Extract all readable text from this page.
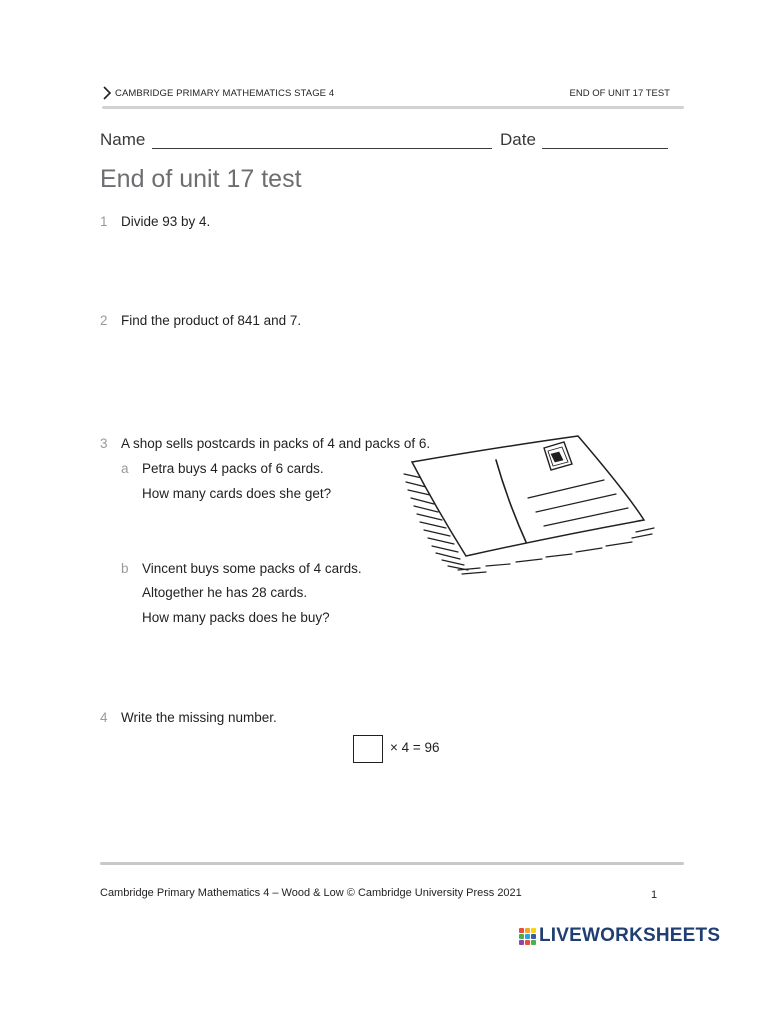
CAMBRIDGE PRIMARY MATHEMATICS STAGE 4	END OF UNIT 17 TEST
Name	Date
End of unit 17 test
1 Divide 93 by 4.
2 Find the product of 841 and 7.
3 A shop sells postcards in packs of 4 and packs of 6.
a Petra buys 4 packs of 6 cards.
How many cards does she get?
b Vincent buys some packs of 4 cards.
Altogether he has 28 cards.
How many packs does he buy?
4 Write the missing number.
× 4 = 96
Cambridge Primary Mathematics 4 – Wood & Low © Cambridge University Press 2021	1
LIVEWORKSHEETS
